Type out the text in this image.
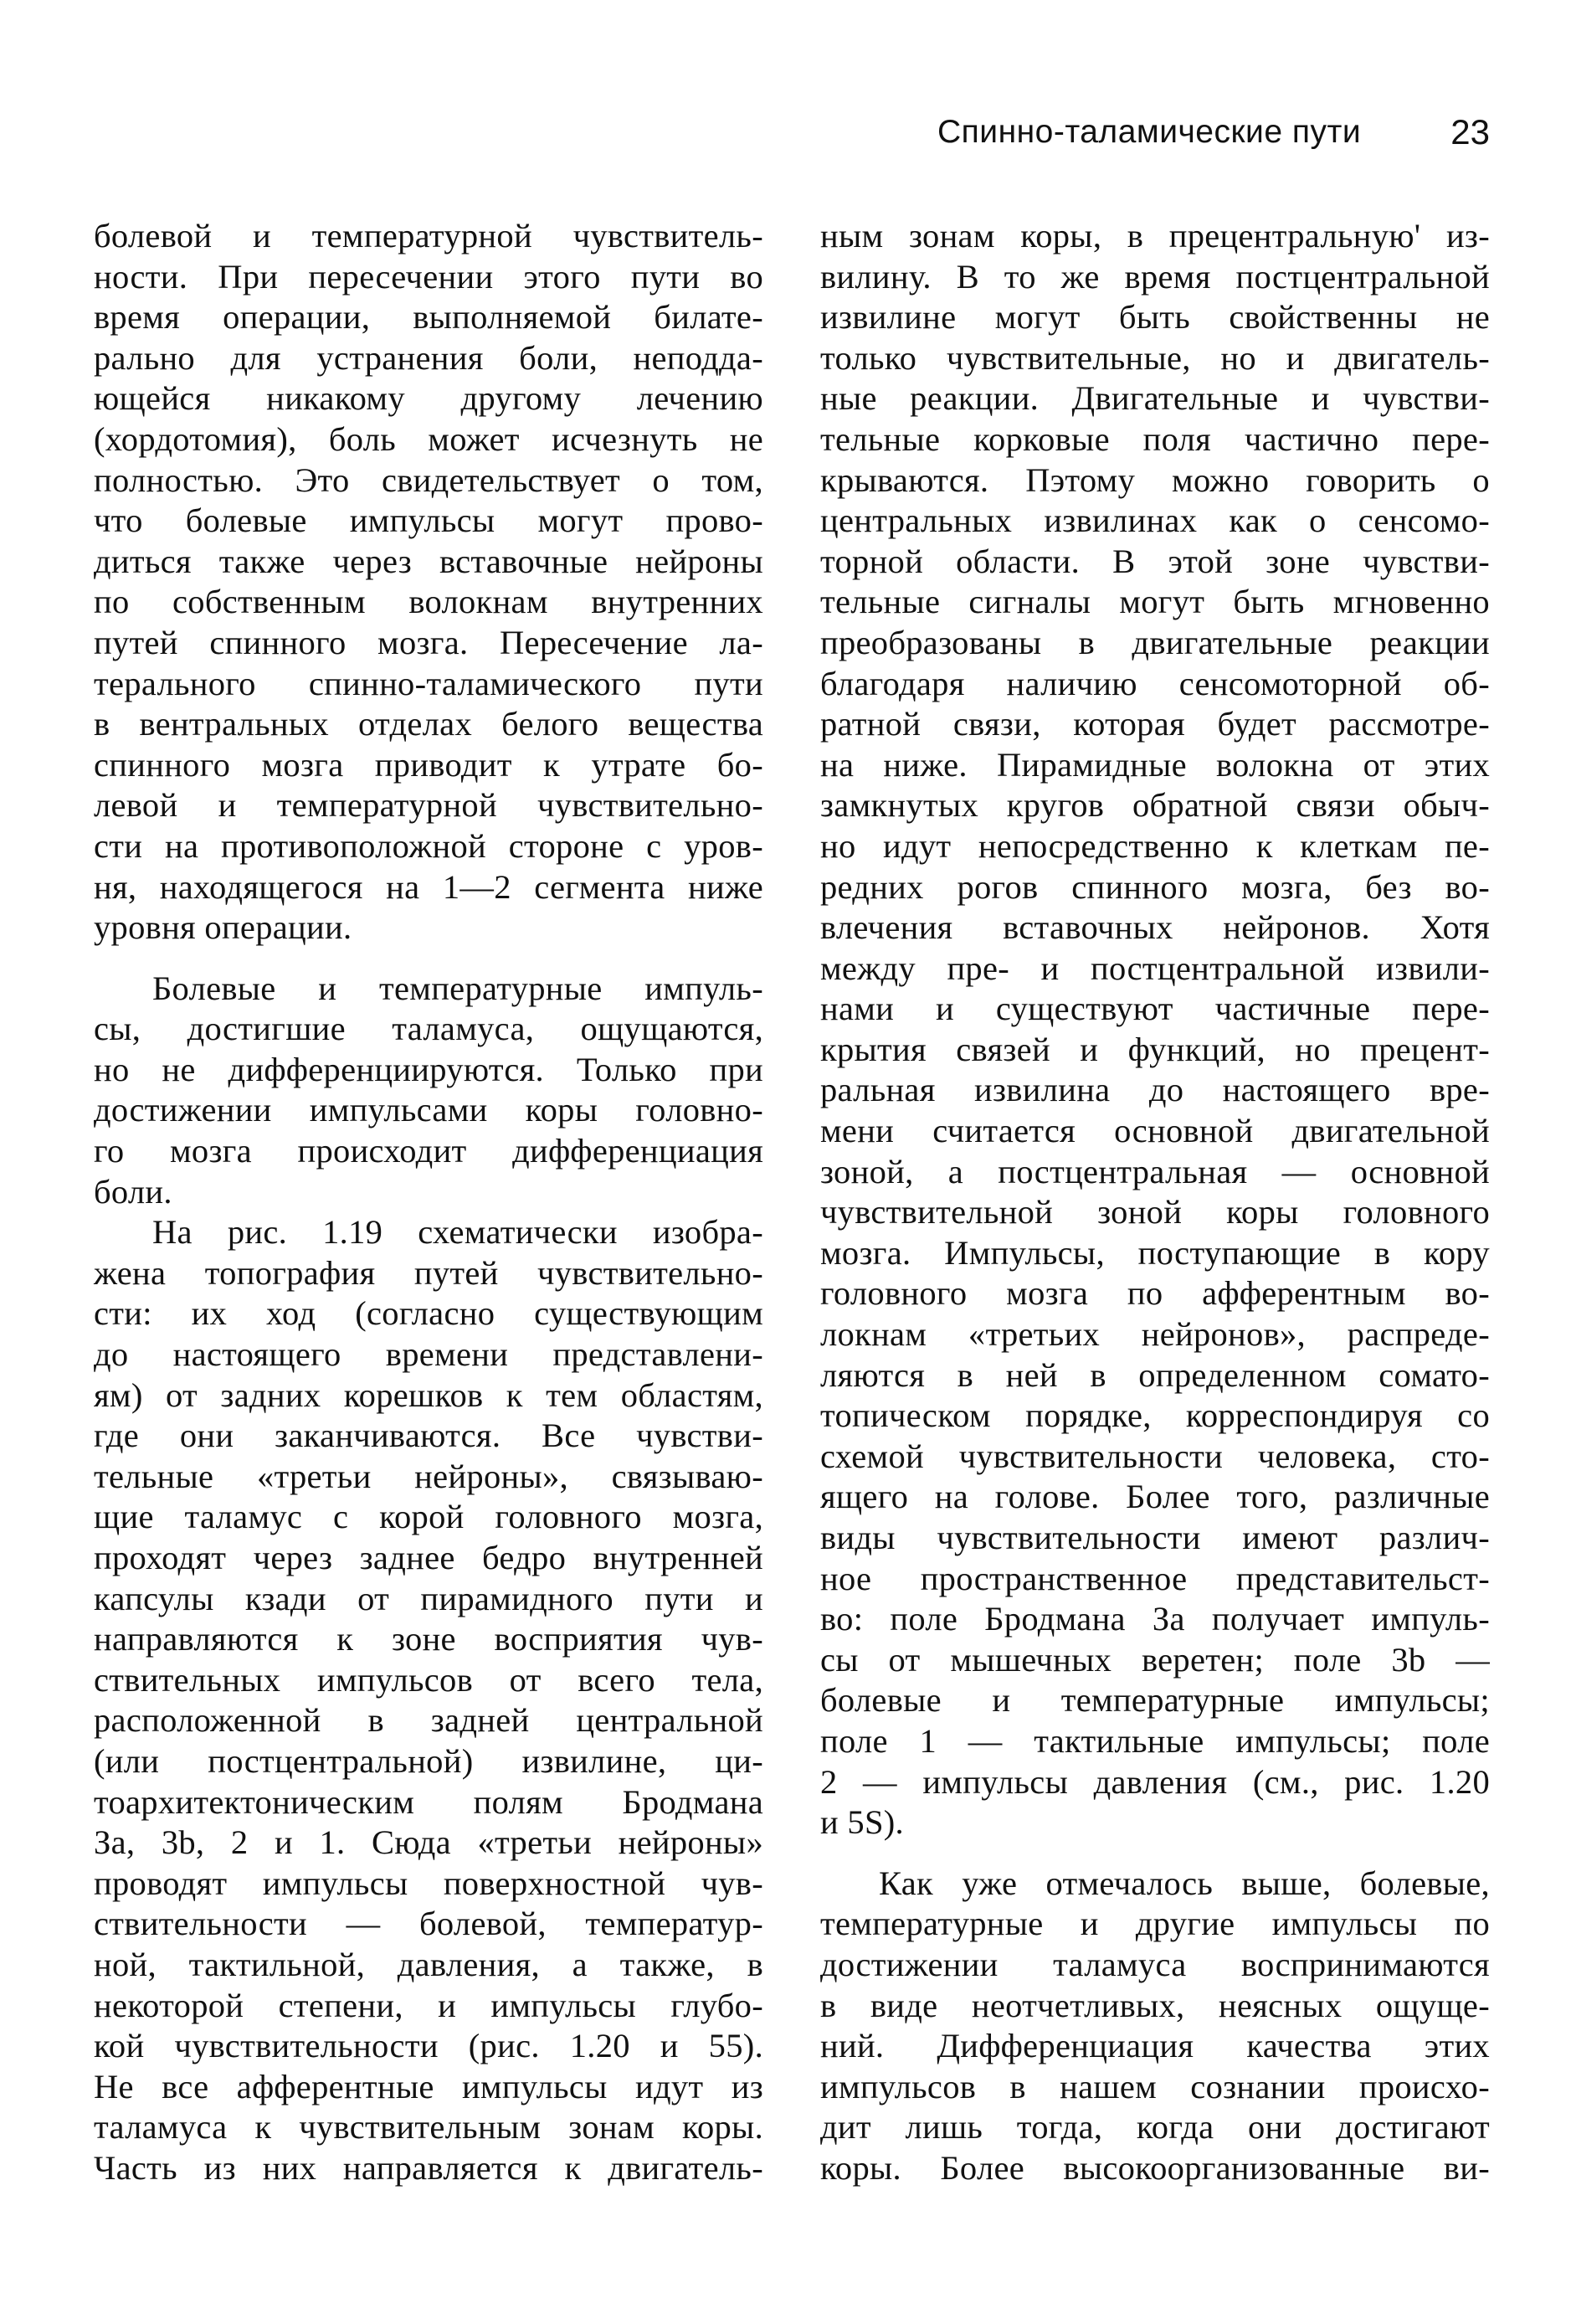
Спинно-таламические пути	23
болевой и температурной чувствитель-
ности. При пересечении этого пути во
время операции, выполняемой билате-
рально для устранения боли, неподда-
ющейся никакому другому лечению
(хордотомия), боль может исчезнуть не
полностью. Это свидетельствует о том,
что болевые импульсы могут прово-
диться также через вставочные нейроны
по собственным волокнам внутренних
путей спинного мозга. Пересечение ла-
терального спинно-таламического пути
в вентральных отделах белого вещества
спинного мозга приводит к утрате бо-
левой и температурной чувствительно-
сти на противоположной стороне с уров-
ня, находящегося на 1—2 сегмента ниже
уровня операции.
Болевые и температурные импуль-
сы, достигшие таламуса, ощущаются,
но не дифференциируются. Только при
достижении импульсами коры головно-
го мозга происходит дифференциация
боли.
На рис. 1.19 схематически изобра-
жена топография путей чувствительно-
сти: их ход (согласно существующим
до настоящего времени представлени-
ям) от задних корешков к тем областям,
где они заканчиваются. Все чувстви-
тельные «третьи нейроны», связываю-
щие таламус с корой головного мозга,
проходят через заднее бедро внутренней
капсулы кзади от пирамидного пути и
направляются к зоне восприятия чув-
ствительных импульсов от всего тела,
расположенной в задней центральной
(или постцентральной) извилине, ци-
тоархитектоническим полям Бродмана
За, 3b, 2 и 1. Сюда «третьи нейроны»
проводят импульсы поверхностной чув-
ствительности — болевой, температур-
ной, тактильной, давления, а также, в
некоторой степени, и импульсы глубо-
кой чувствительности (рис. 1.20 и 55).
Не все афферентные импульсы идут из
таламуса к чувствительным зонам коры.
Часть из них направляется к двигатель-
ным зонам коры, в прецентральную' из-
вилину. В то же время постцентральной
извилине могут быть свойственны не
только чувствительные, но и двигатель-
ные реакции. Двигательные и чувстви-
тельные корковые поля частично пере-
крываются. Пэтому можно говорить о
центральных извилинах как о сенсомо-
торной области. В этой зоне чувстви-
тельные сигналы могут быть мгновенно
преобразованы в двигательные реакции
благодаря наличию сенсомоторной об-
ратной связи, которая будет рассмотре-
на ниже. Пирамидные волокна от этих
замкнутых кругов обратной связи обыч-
но идут непосредственно к клеткам пе-
редних рогов спинного мозга, без во-
влечения вставочных нейронов. Хотя
между пре- и постцентральной извили-
нами и существуют частичные пере-
крытия связей и функций, но прецент-
ральная извилина до настоящего вре-
мени считается основной двигательной
зоной, а постцентральная — основной
чувствительной зоной коры головного
мозга. Импульсы, поступающие в кору
головного мозга по афферентным во-
локнам «третьих нейронов», распреде-
ляются в ней в определенном сомато-
топическом порядке, корреспондируя со
схемой чувствительности человека, сто-
ящего на голове. Более того, различные
виды чувствительности имеют различ-
ное пространственное представительст-
во: поле Бродмана За получает импуль-
сы от мышечных веретен; поле 3b —
болевые и температурные импульсы;
поле 1 — тактильные импульсы; поле
2 — импульсы давления (см., рис. 1.20
и 5S).
Как уже отмечалось выше, болевые,
температурные и другие импульсы по
достижении таламуса воспринимаются
в виде неотчетливых, неясных ощуще-
ний. Дифференциация качества этих
импульсов в нашем сознании происхо-
дит лишь тогда, когда они достигают
коры. Более высокоорганизованные ви-
